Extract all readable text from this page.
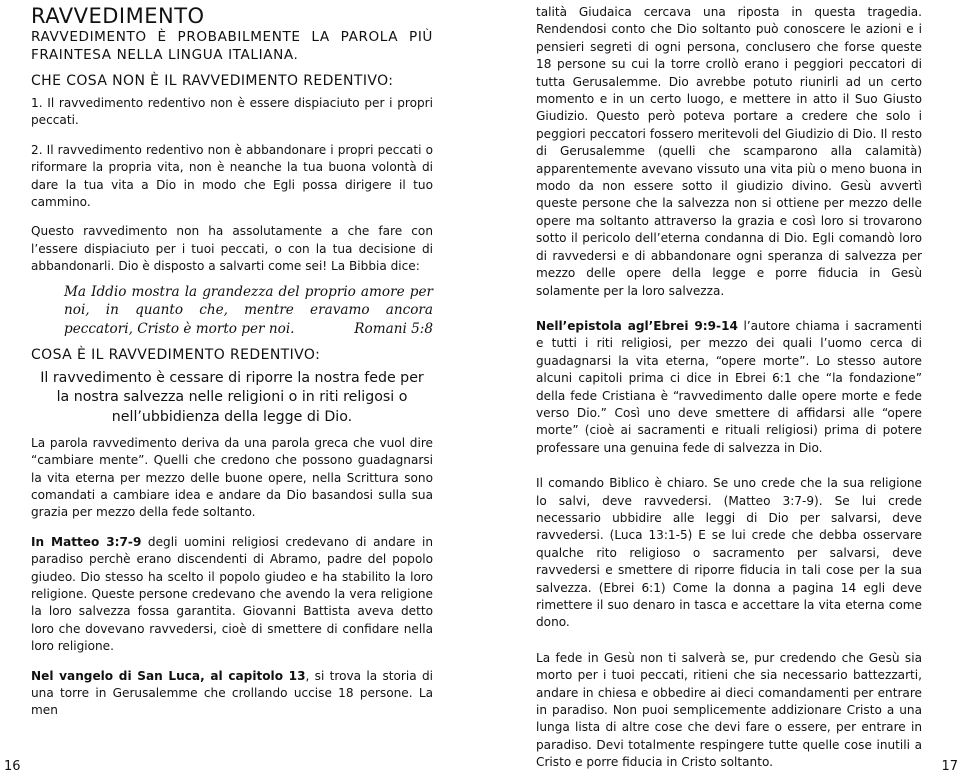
RAVVEDIMENTO

RAVVEDIMENTO È PROBABILMENTE LA PAROLA PIÙ FRAINTESA NELLA LINGUA ITALIANA.

CHE COSA NON È IL RAVVEDIMENTO REDENTIVO:

1. Il ravvedimento redentivo non è essere dispiaciuto per i propri peccati.

2. Il ravvedimento redentivo non è abbandonare i propri peccati o riformare la propria vita, non è neanche la tua buona volontà di dare la tua vita a Dio in modo che Egli possa dirigere il tuo cammino.

Questo ravvedimento non ha assolutamente a che fare con l’essere dispiaciuto per i tuoi peccati, o con la tua decisione di abbandonarli. Dio è disposto a salvarti come sei! La Bibbia dice:

Ma Iddio mostra la grandezza del proprio amore per noi, in quanto che, mentre eravamo ancora peccatori, Cristo è morto per noi.	Romani 5:8
COSA È IL RAVVEDIMENTO REDENTIVO:

Il ravvedimento è cessare di riporre la nostra fede per la nostra salvezza nelle religioni o in riti religosi o nell’ubbidienza della legge di Dio.

La parola ravvedimento deriva da una parola greca che vuol dire “cambiare mente”. Quelli che credono che possono guadagnarsi la vita eterna per mezzo delle buone opere, nella Scrittura sono comandati a cambiare idea e andare da Dio basandosi sulla sua grazia per mezzo della fede soltanto.

In Matteo 3:7-9 degli uomini religiosi credevano di andare in paradiso perchè erano discendenti di Abramo, padre del popolo giudeo. Dio stesso ha scelto il popolo giudeo e ha stabilito la loro religione. Queste persone credevano che avendo la vera religione la loro salvezza fossa garantita. Giovanni Battista aveva detto loro che dovevano ravvedersi, cioè di smettere di confidare nella loro religione.

Nel vangelo di San Luca, al capitolo 13, si trova la storia di una torre in Gerusalemme che crollando uccise 18 persone. La men

16

talità Giudaica cercava una riposta in questa tragedia. Rendendosi conto che Dio soltanto può conoscere le azioni e i pensieri segreti di ogni persona, conclusero che forse queste 18 persone su cui la torre crollò erano i peggiori peccatori di tutta Gerusalemme. Dio avrebbe potuto riunirli ad un certo momento e in un certo luogo, e mettere in atto il Suo Giusto Giudizio. Questo però poteva portare a credere che solo i peggiori peccatori fossero meritevoli del Giudizio di Dio. Il resto di Gerusalemme (quelli che scamparono alla calamità) apparentemente avevano vissuto una vita più o meno buona in modo da non essere sotto il giudizio divino. Gesù avvertì queste persone che la salvezza non si ottiene per mezzo delle opere ma soltanto attraverso la grazia e così loro si trovarono sotto il pericolo dell’eterna condanna di Dio. Egli comandò loro di ravvedersi e di abbandonare ogni speranza di salvezza per mezzo delle opere della legge e porre fiducia in Gesù solamente per la loro salvezza.

Nell’epistola agl’Ebrei 9:9-14 l’autore chiama i sacramenti e tutti i riti religiosi, per mezzo dei quali l’uomo cerca di guadagnarsi la vita eterna, “opere morte”. Lo stesso autore alcuni capitoli prima ci dice in Ebrei 6:1 che “la fondazione” della fede Cristiana è “ravvedimento dalle opere morte e fede verso Dio.” Così uno deve smettere di affidarsi alle “opere morte” (cioè ai sacramenti e rituali religiosi) prima di potere professare una genuina fede di salvezza in Dio.

Il comando Biblico è chiaro. Se uno crede che la sua religione lo salvi, deve ravvedersi. (Matteo 3:7-9). Se lui crede necessario ubbidire alle leggi di Dio per salvarsi, deve ravvedersi. (Luca 13:1-5) E se lui crede che debba osservare qualche rito religioso o sacramento per salvarsi, deve ravvedersi e smettere di riporre fiducia in tali cose per la sua salvezza. (Ebrei 6:1) Come la donna a pagina 14 egli deve rimettere il suo denaro in tasca e accettare la vita eterna come dono.

La fede in Gesù non ti salverà se, pur credendo che Gesù sia morto per i tuoi peccati, ritieni che sia necessario battezzarti, andare in chiesa e obbedire ai dieci comandamenti per entrare in paradiso. Non puoi semplicemente addizionare Cristo a una lunga lista di altre cose che devi fare o essere, per entrare in paradiso. Devi totalmente respingere tutte quelle cose inutili a Cristo e porre fiducia in Cristo soltanto.	17
